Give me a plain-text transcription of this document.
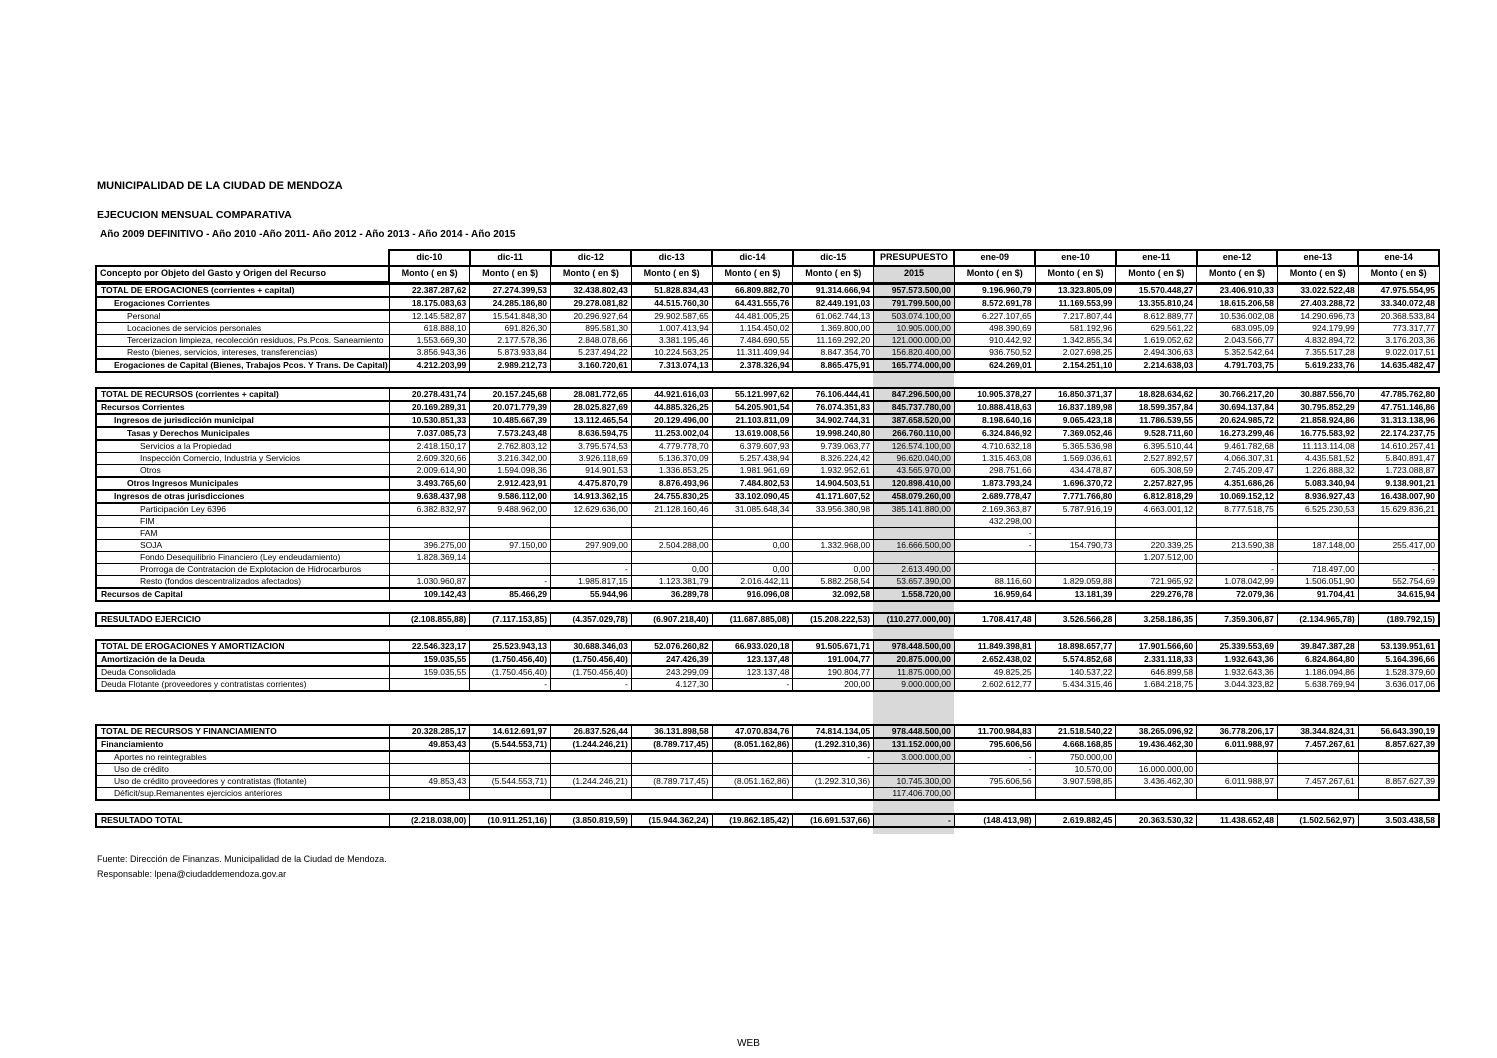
MUNICIPALIDAD DE LA CIUDAD DE MENDOZA
EJECUCION MENSUAL COMPARATIVA
Año 2009 DEFINITIVO - Año 2010 -Año 2011- Año 2012 - Año 2013 - Año 2014 - Año 2015
	dic-10	dic-11	dic-12	dic-13	dic-14	dic-15	PRESUPUESTO	ene-09	ene-10	ene-11	ene-12	ene-13	ene-14
Concepto por Objeto del Gasto y Origen del Recurso	Monto ( en $)	Monto ( en $)	Monto ( en $)	Monto ( en $)	Monto ( en $)	Monto ( en $)	2015	Monto ( en $)	Monto ( en $)	Monto ( en $)	Monto ( en $)	Monto ( en $)	Monto ( en $)
TOTAL DE EROGACIONES (corrientes + capital)	22.387.287,62	27.274.399,53	32.438.802,43	51.828.834,43	66.809.882,70	91.314.666,94	957.573.500,00	9.196.960,79	13.323.805,09	15.570.448,27	23.406.910,33	33.022.522,48	47.975.554,95
Erogaciones Corrientes	18.175.083,63	24.285.186,80	29.278.081,82	44.515.760,30	64.431.555,76	82.449.191,03	791.799.500,00	8.572.691,78	11.169.553,99	13.355.810,24	18.615.206,58	27.403.288,72	33.340.072,48
Personal	12.145.582,87	15.541.848,30	20.296.927,64	29.902.587,65	44.481.005,25	61.062.744,13	503.074.100,00	6.227.107,65	7.217.807,44	8.612.889,77	10.536.002,08	14.290.696,73	20.368.533,84
Locaciones de servicios personales	618.888,10	691.826,30	895.581,30	1.007.413,94	1.154.450,02	1.369.800,00	10.905.000,00	498.390,69	581.192,96	629.561,22	683.095,09	924.179,99	773.317,77
Tercerizacion limpieza, recolección residuos, Ps.Pcos. Saneamiento	1.553.669,30	2.177.578,36	2.848.078,66	3.381.195,46	7.484.690,55	11.169.292,20	121.000.000,00	910.442,92	1.342.855,34	1.619.052,62	2.043.566,77	4.832.894,72	3.176.203,36
Resto (bienes, servicios, intereses, transferencias)	3.856.943,36	5.873.933,84	5.237.494,22	10.224.563,25	11.311.409,94	8.847.354,70	156.820.400,00	936.750,52	2.027.698,25	2.494.306,63	5.352.542,64	7.355.517,28	9.022.017,51
Erogaciones de Capital (Bienes, Trabajos Pcos. Y Trans. De Capital)	4.212.203,99	2.989.212,73	3.160.720,61	7.313.074,13	2.378.326,94	8.865.475,91	165.774.000,00	624.269,01	2.154.251,10	2.214.638,03	4.791.703,75	5.619.233,76	14.635.482,47
TOTAL DE RECURSOS (corrientes + capital)	20.278.431,74	20.157.245,68	28.081.772,65	44.921.616,03	55.121.997,62	76.106.444,41	847.296.500,00	10.905.378,27	16.850.371,37	18.828.634,62	30.766.217,20	30.887.556,70	47.785.762,80
Recursos Corrientes	20.169.289,31	20.071.779,39	28.025.827,69	44.885.326,25	54.205.901,54	76.074.351,83	845.737.780,00	10.888.418,63	16.837.189,98	18.599.357,84	30.694.137,84	30.795.852,29	47.751.146,86
Ingresos de jurisdicción municipal	10.530.851,33	10.485.667,39	13.112.465,54	20.129.496,00	21.103.811,09	34.902.744,31	387.658.520,00	8.198.640,16	9.065.423,18	11.786.539,55	20.624.985,72	21.858.924,86	31.313.138,96
Tasas y Derechos Municipales	7.037.085,73	7.573.243,48	8.636.594,75	11.253.002,04	13.619.008,56	19.998.240,80	266.760.110,00	6.324.846,92	7.369.052,46	9.528.711,60	16.273.299,46	16.775.583,92	22.174.237,75
Servicios a la Propiedad	2.418.150,17	2.762.803,12	3.795.574,53	4.779.778,70	6.379.607,93	9.739.063,77	126.574.100,00	4.710.632,18	5.365.536,98	6.395.510,44	9.461.782,68	11.113.114,08	14.610.257,41
Inspección Comercio, Industria y Servicios	2.609.320,66	3.216.342,00	3.926.118,69	5.136.370,09	5.257.438,94	8.326.224,42	96.620.040,00	1.315.463,08	1.569.036,61	2.527.892,57	4.066.307,31	4.435.581,52	5.840.891,47
Otros	2.009.614,90	1.594.098,36	914.901,53	1.336.853,25	1.981.961,69	1.932.952,61	43.565.970,00	298.751,66	434.478,87	605.308,59	2.745.209,47	1.226.888,32	1.723.088,87
Otros Ingresos Municipales	3.493.765,60	2.912.423,91	4.475.870,79	8.876.493,96	7.484.802,53	14.904.503,51	120.898.410,00	1.873.793,24	1.696.370,72	2.257.827,95	4.351.686,26	5.083.340,94	9.138.901,21
Ingresos de otras jurisdicciones	9.638.437,98	9.586.112,00	14.913.362,15	24.755.830,25	33.102.090,45	41.171.607,52	458.079.260,00	2.689.778,47	7.771.766,80	6.812.818,29	10.069.152,12	8.936.927,43	16.438.007,90
Participación Ley 6396	6.382.832,97	9.488.962,00	12.629.636,00	21.128.160,46	31.085.648,34	33.956.380,98	385.141.880,00	2.169.363,87	5.787.916,19	4.663.001,12	8.777.518,75	6.525.230,53	15.629.836,21
FIM								432.298,00					
FAM								-					
SOJA	396.275,00	97.150,00	297.909,00	2.504.288,00	0,00	1.332.968,00	16.666.500,00	-	154.790,73	220.339,25	213.590,38	187.148,00	255.417,00
Fondo Desequilibrio Financiero (Ley endeudamiento)	1.828.369,14									1.207.512,00			
Prorroga de Contratacion de Explotacion de Hidrocarburos			-	0,00	0,00	0,00	2.613.490,00				-	718.497,00	-
Resto (fondos descentralizados afectados)	1.030.960,87	-	1.985.817,15	1.123.381,79	2.016.442,11	5.882.258,54	53.657.390,00	88.116,60	1.829.059,88	721.965,92	1.078.042,99	1.506.051,90	552.754,69
Recursos de Capital	109.142,43	85.466,29	55.944,96	36.289,78	916.096,08	32.092,58	1.558.720,00	16.959,64	13.181,39	229.276,78	72.079,36	91.704,41	34.615,94
RESULTADO EJERCICIO	(2.108.855,88)	(7.117.153,85)	(4.357.029,78)	(6.907.218,40)	(11.687.885,08)	(15.208.222,53)	(110.277.000,00)	1.708.417,48	3.526.566,28	3.258.186,35	7.359.306,87	(2.134.965,78)	(189.792,15)
TOTAL DE EROGACIONES Y AMORTIZACION	22.546.323,17	25.523.943,13	30.688.346,03	52.076.260,82	66.933.020,18	91.505.671,71	978.448.500,00	11.849.398,81	18.898.657,77	17.901.566,60	25.339.553,69	39.847.387,28	53.139.951,61
Amortización de la Deuda	159.035,55	(1.750.456,40)	(1.750.456,40)	247.426,39	123.137,48	191.004,77	20.875.000,00	2.652.438,02	5.574.852,68	2.331.118,33	1.932.643,36	6.824.864,80	5.164.396,66
Deuda Consolidada	159.035,55	(1.750.456,40)	(1.750.456,40)	243.299,09	123.137,48	190.804,77	11.875.000,00	49.825,25	140.537,22	646.899,58	1.932.643,36	1.186.094,86	1.528.379,60
Deuda Flotante (proveedores y contratistas corrientes)		-	-	4.127,30	-	200,00	9.000.000,00	2.602.612,77	5.434.315,46	1.684.218,75	3.044.323,82	5.638.769,94	3.636.017,06
TOTAL DE RECURSOS Y FINANCIAMIENTO	20.328.285,17	14.612.691,97	26.837.526,44	36.131.898,58	47.070.834,76	74.814.134,05	978.448.500,00	11.700.984,83	21.518.540,22	38.265.096,92	36.778.206,17	38.344.824,31	56.643.390,19
Financiamiento	49.853,43	(5.544.553,71)	(1.244.246,21)	(8.789.717,45)	(8.051.162,86)	(1.292.310,36)	131.152.000,00	795.606,56	4.668.168,85	19.436.462,30	6.011.988,97	7.457.267,61	8.857.627,39
Aportes no reintegrables						-	3.000.000,00	-	750.000,00				
Uso de crédito								-	10.570,00	16.000.000,00			
Uso de crédito proveedores y contratistas (flotante)	49.853,43	(5.544.553,71)	(1.244.246,21)	(8.789.717,45)	(8.051.162,86)	(1.292.310,36)	10.745.300,00	795.606,56	3.907.598,85	3.436.462,30	6.011.988,97	7.457.267,61	8.857.627,39
Déficit/sup.Remanentes ejercicios anteriores							117.406.700,00						
RESULTADO TOTAL	(2.218.038,00)	(10.911.251,16)	(3.850.819,59)	(15.944.362,24)	(19.862.185,42)	(16.691.537,66)	-	(148.413,98)	2.619.882,45	20.363.530,32	11.438.652,48	(1.502.562,97)	3.503.438,58
Fuente: Dirección de Finanzas. Municipalidad de la Ciudad de Mendoza.
Responsable: lpena@ciudaddemendoza.gov.ar
WEB
